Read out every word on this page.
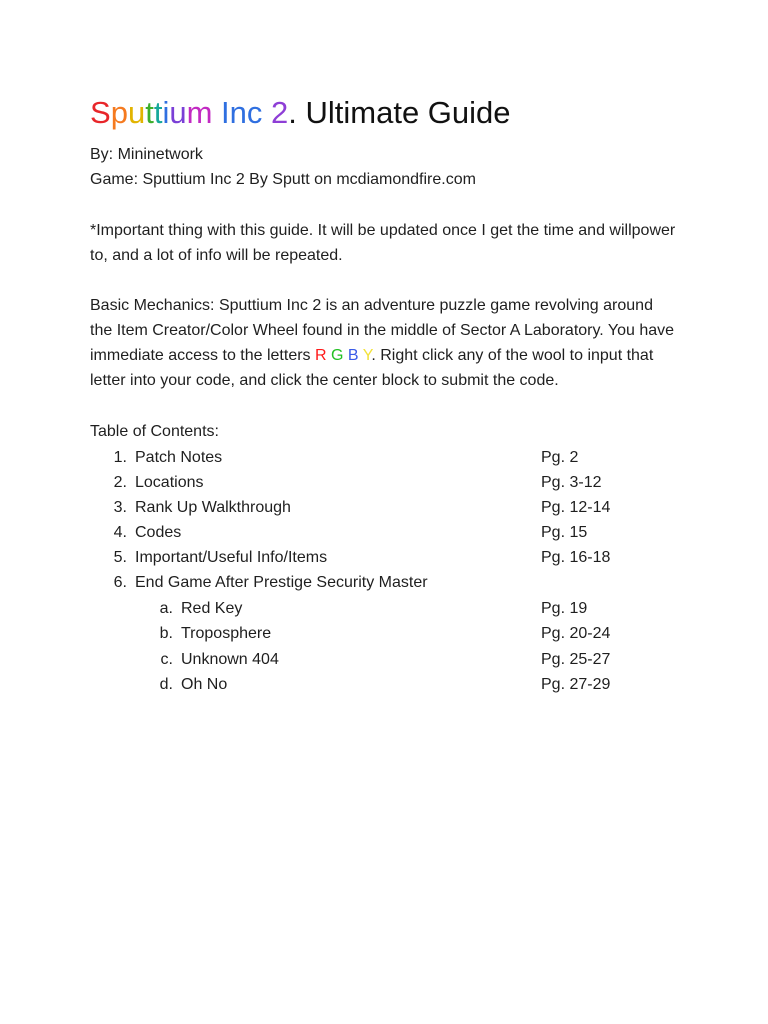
Sputtium Inc 2. Ultimate Guide
By: Mininetwork
Game: Sputtium Inc 2 By Sputt on mcdiamondfire.com
*Important thing with this guide. It will be updated once I get the time and willpower
to, and a lot of info will be repeated.
Basic Mechanics: Sputtium Inc 2 is an adventure puzzle game revolving around
the Item Creator/Color Wheel found in the middle of Sector A Laboratory. You have
immediate access to the letters R G B Y. Right click any of the wool to input that
letter into your code, and click the center block to submit the code.
Table of Contents:
1. Patch Notes	Pg. 2
2. Locations	Pg. 3-12
3. Rank Up Walkthrough	Pg. 12-14
4. Codes	Pg. 15
5. Important/Useful Info/Items	Pg. 16-18
6. End Game After Prestige Security Master
a. Red Key	Pg. 19
b. Troposphere	Pg. 20-24
c. Unknown 404	Pg. 25-27
d. Oh No	Pg. 27-29
